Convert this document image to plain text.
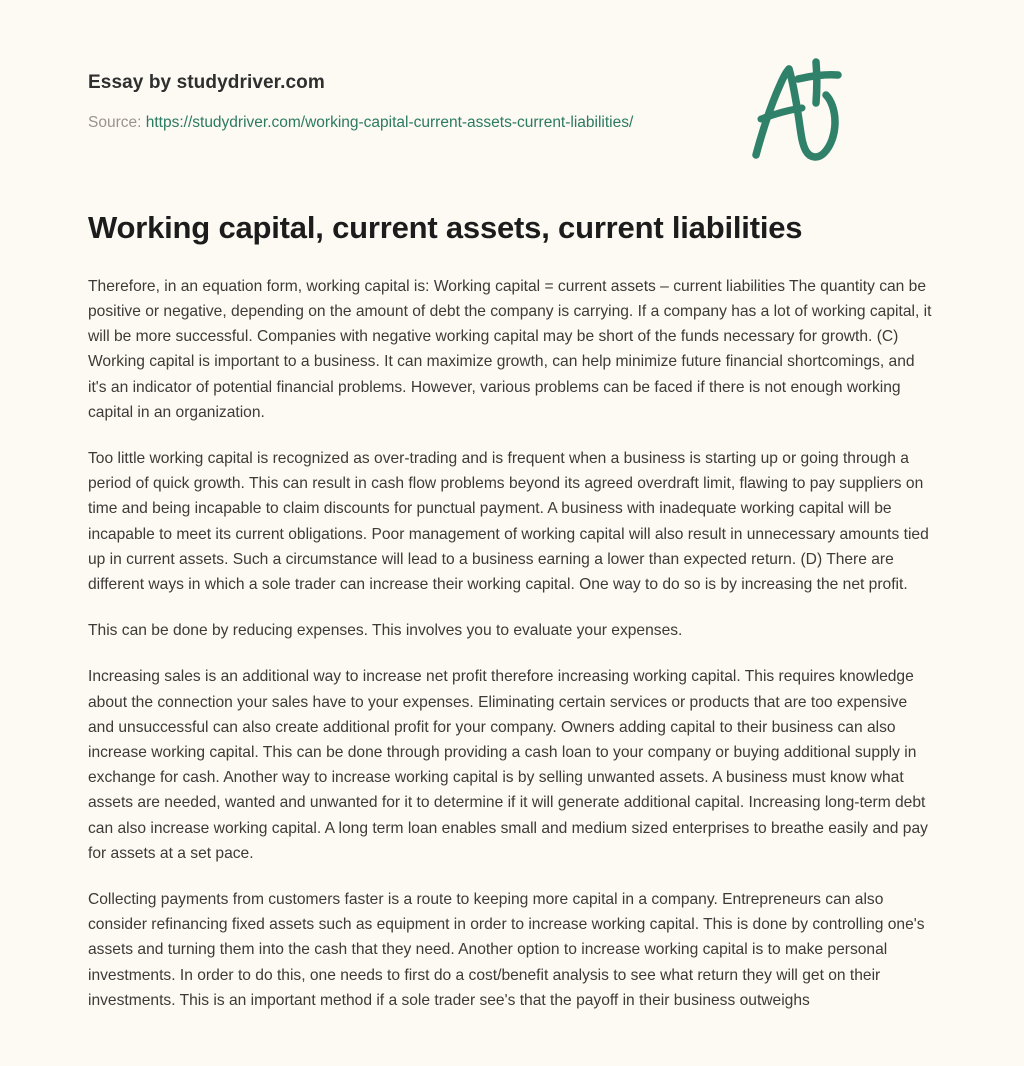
Essay by studydriver.com
Source: https://studydriver.com/working-capital-current-assets-current-liabilities/
Working capital, current assets, current liabilities

Therefore, in an equation form, working capital is: Working capital = current assets – current liabilities The quantity can be positive or negative, depending on the amount of debt the company is carrying. If a company has a lot of working capital, it will be more successful. Companies with negative working capital may be short of the funds necessary for growth. (C) Working capital is important to a business. It can maximize growth, can help minimize future financial shortcomings, and it's an indicator of potential financial problems. However, various problems can be faced if there is not enough working capital in an organization.

Too little working capital is recognized as over-trading and is frequent when a business is starting up or going through a period of quick growth. This can result in cash flow problems beyond its agreed overdraft limit, flawing to pay suppliers on time and being incapable to claim discounts for punctual payment. A business with inadequate working capital will be incapable to meet its current obligations. Poor management of working capital will also result in unnecessary amounts tied up in current assets. Such a circumstance will lead to a business earning a lower than expected return. (D) There are different ways in which a sole trader can increase their working capital. One way to do so is by increasing the net profit.

This can be done by reducing expenses. This involves you to evaluate your expenses.

Increasing sales is an additional way to increase net profit therefore increasing working capital. This requires knowledge about the connection your sales have to your expenses. Eliminating certain services or products that are too expensive and unsuccessful can also create additional profit for your company. Owners adding capital to their business can also increase working capital. This can be done through providing a cash loan to your company or buying additional supply in exchange for cash. Another way to increase working capital is by selling unwanted assets. A business must know what assets are needed, wanted and unwanted for it to determine if it will generate additional capital. Increasing long-term debt can also increase working capital. A long term loan enables small and medium sized enterprises to breathe easily and pay for assets at a set pace.

Collecting payments from customers faster is a route to keeping more capital in a company. Entrepreneurs can also consider refinancing fixed assets such as equipment in order to increase working capital. This is done by controlling one's assets and turning them into the cash that they need. Another option to increase working capital is to make personal investments. In order to do this, one needs to first do a cost/benefit analysis to see what return they will get on their investments. This is an important method if a sole trader see's that the payoff in their business outweighs
